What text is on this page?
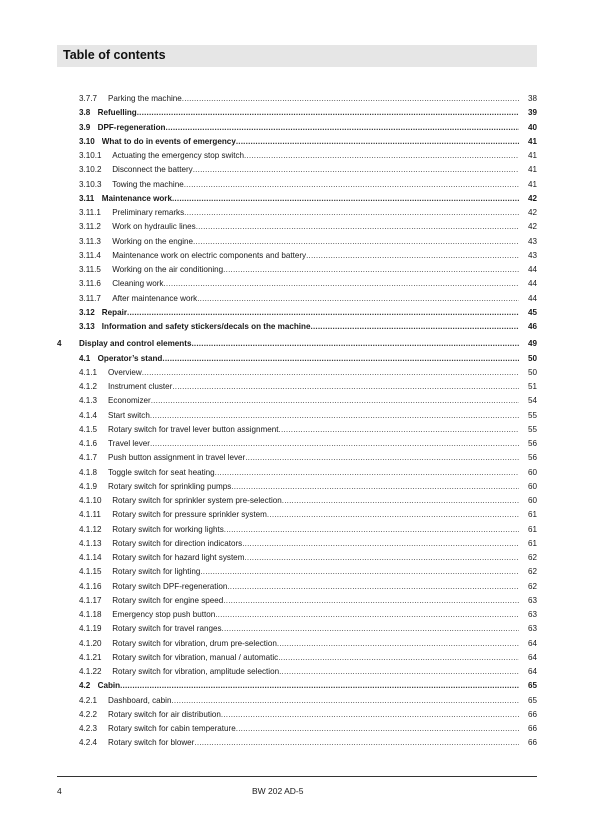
Table of contents
3.7.7 Parking the machine .....	38
3.8 Refuelling .....	39
3.9 DPF-regeneration .....	40
3.10 What to do in events of emergency .....	41
3.10.1 Actuating the emergency stop switch .....	41
3.10.2 Disconnect the battery .....	41
3.10.3 Towing the machine .....	41
3.11 Maintenance work .....	42
3.11.1 Preliminary remarks .....	42
3.11.2 Work on hydraulic lines .....	42
3.11.3 Working on the engine .....	43
3.11.4 Maintenance work on electric components and battery .....	43
3.11.5 Working on the air conditioning .....	44
3.11.6 Cleaning work .....	44
3.11.7 After maintenance work .....	44
3.12 Repair .....	45
3.13 Information and safety stickers/decals on the machine .....	46
4 Display and control elements .....	49
4.1 Operator’s stand .....	50
4.1.1 Overview .....	50
4.1.2 Instrument cluster .....	51
4.1.3 Economizer .....	54
4.1.4 Start switch .....	55
4.1.5 Rotary switch for travel lever button assignment .....	55
4.1.6 Travel lever .....	56
4.1.7 Push button assignment in travel lever .....	56
4.1.8 Toggle switch for seat heating .....	60
4.1.9 Rotary switch for sprinkling pumps .....	60
4.1.10 Rotary switch for sprinkler system pre-selection .....	60
4.1.11 Rotary switch for pressure sprinkler system .....	61
4.1.12 Rotary switch for working lights .....	61
4.1.13 Rotary switch for direction indicators .....	61
4.1.14 Rotary switch for hazard light system .....	62
4.1.15 Rotary switch for lighting .....	62
4.1.16 Rotary switch DPF-regeneration .....	62
4.1.17 Rotary switch for engine speed .....	63
4.1.18 Emergency stop push button .....	63
4.1.19 Rotary switch for travel ranges .....	63
4.1.20 Rotary switch for vibration, drum pre-selection .....	64
4.1.21 Rotary switch for vibration, manual / automatic .....	64
4.1.22 Rotary switch for vibration, amplitude selection .....	64
4.2 Cabin .....	65
4.2.1 Dashboard, cabin .....	65
4.2.2 Rotary switch for air distribution .....	66
4.2.3 Rotary switch for cabin temperature .....	66
4.2.4 Rotary switch for blower .....	66
4	BW 202 AD-5
